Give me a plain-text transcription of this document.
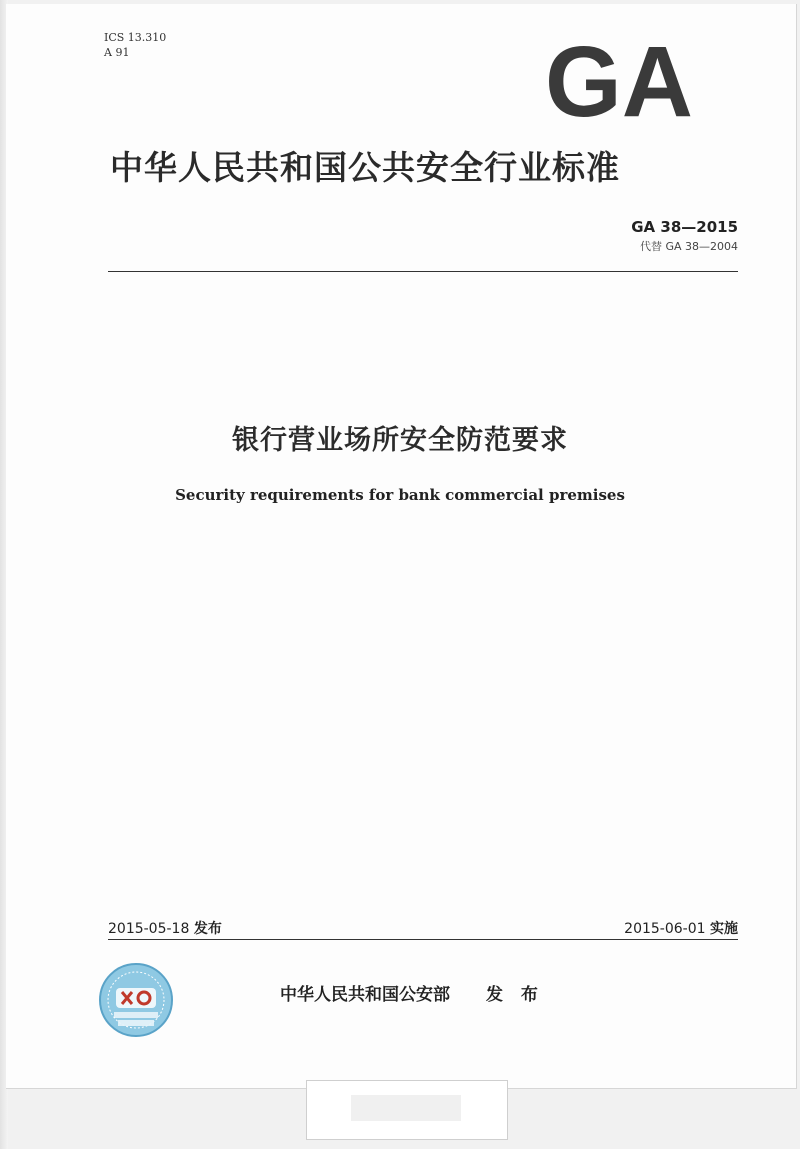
ICS 13.310
A 91	GA
中华人民共和国公共安全行业标准
GA 38—2015
代替 GA 38—2004
银行营业场所安全防范要求
Security requirements for bank commercial premises
2015-05-18 发布	2015-06-01 实施
中华人民共和国公安部 发 布
